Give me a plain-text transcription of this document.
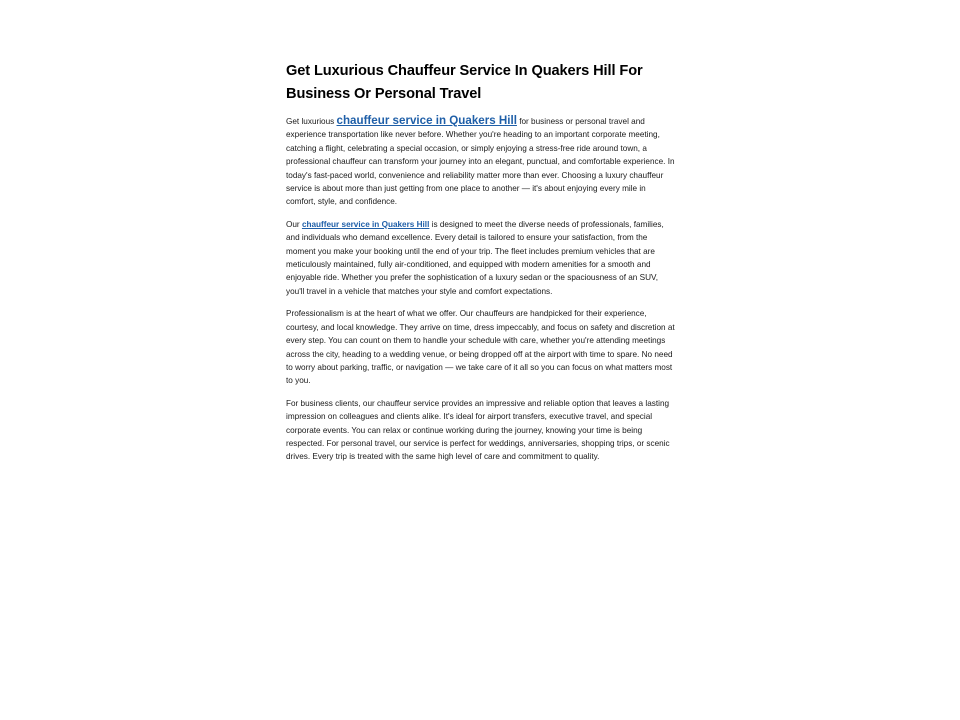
Get Luxurious Chauffeur Service In Quakers Hill For Business Or Personal Travel

Get luxurious chauffeur service in Quakers Hill for business or personal travel and experience transportation like never before. Whether you're heading to an important corporate meeting, catching a flight, celebrating a special occasion, or simply enjoying a stress-free ride around town, a professional chauffeur can transform your journey into an elegant, punctual, and comfortable experience. In today's fast-paced world, convenience and reliability matter more than ever. Choosing a luxury chauffeur service is about more than just getting from one place to another — it's about enjoying every mile in comfort, style, and confidence.

Our chauffeur service in Quakers Hill is designed to meet the diverse needs of professionals, families, and individuals who demand excellence. Every detail is tailored to ensure your satisfaction, from the moment you make your booking until the end of your trip. The fleet includes premium vehicles that are meticulously maintained, fully air-conditioned, and equipped with modern amenities for a smooth and enjoyable ride. Whether you prefer the sophistication of a luxury sedan or the spaciousness of an SUV, you'll travel in a vehicle that matches your style and comfort expectations.

Professionalism is at the heart of what we offer. Our chauffeurs are handpicked for their experience, courtesy, and local knowledge. They arrive on time, dress impeccably, and focus on safety and discretion at every step. You can count on them to handle your schedule with care, whether you're attending meetings across the city, heading to a wedding venue, or being dropped off at the airport with time to spare. No need to worry about parking, traffic, or navigation — we take care of it all so you can focus on what matters most to you.

For business clients, our chauffeur service provides an impressive and reliable option that leaves a lasting impression on colleagues and clients alike. It's ideal for airport transfers, executive travel, and special corporate events. You can relax or continue working during the journey, knowing your time is being respected. For personal travel, our service is perfect for weddings, anniversaries, shopping trips, or scenic drives. Every trip is treated with the same high level of care and commitment to quality.
